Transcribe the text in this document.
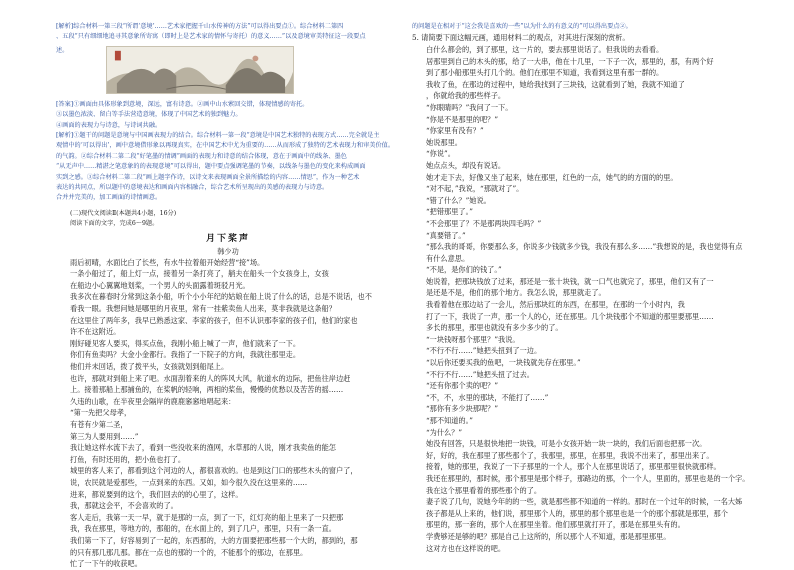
[解析]综合材料一第三段“所谓‘意境’……艺术家把握千山水传神的方法”可以得出要点①。综合材料二第四
、五段“只有细细地追寻其意象所寄寓（即时上是艺术家的情怀与寄托）的意义……”以及意境审美特征这一段要点
述。
[答案]①画面由具体形象到意境，深远，富有诗意。②画中山水萦回交错，体现情感的寄托。
③以墨色浓淡、留白等手法营造意境，体现了中国艺术的独到魅力。
④画面的表现力与诗意，与诗词共融。
[解析]①题干的问题是意境与中国画表现力的结合。综合材料一第一段“意境是中国艺术独特的表现方式……完全就是主
观情中的‘可以得出’，画中意境借形象以再现真实，在中国艺术中尤为重要的……从而形成了独特的艺术表现力和审美价值。
的气韵。②综合材料二第二段“好笔墨的情调”画面的表现力和诗意的结合体现，意在于画面中的线条、墨色
“从无声中……精湛之笔意象的的表现意境”可以得出，题中要点强调笔墨的节奏，以线条与墨色的变化来构成画面
实到之感。③综合材料二第二段“画上题字作诗，以诗文来表现画面全景所描绘的内容……情思”，作为一种艺术
表达的共同点，所以题中的意境表达和画面内容相融合，综合艺术所呈现出的美感的表现力与诗意。
合并并完美的，加工画面的诗情画意。
(二)现代文阅读Ⅱ(本题共4小题，16分)
阅读下面的文字，完成6～9题。
月下桨声
韩少功
雨后初晴，水面比白了长些，有水牛拉着船开始经营“接”场。
一条小船过了，船上灯一点，接着另一条打亮了，艄夫在船头一个女孩身上，女孩
在船边小心翼翼地划桨，一个男人的头面露着斑驳月光。
我多次在暮春时分常到这条小船，听个小小年纪的姑娘在船上说了什么的话，总是不说话，也不
看我一眼。我想问她是哪里的月夜里，常有一挂紫卖鱼人出来，莫非我就是这条船？
在这里住了两年多，我早已熟悉这家、李家的孩子，但不认识那李家的孩子们，他们的家也
许不在这附近。
刚好碰见客人要买，得买点鱼，我刚小船上喊了一声，他们就来了一下。
你们有鱼卖吗？大金小金都行。我指了一下院子的方向，我就往那里走。
他们并未回话，拨了拨平头，女孩就划到船尾上。
也许，那就对到船上来了吧。水面刮着来的人的阵风大风，航道水的边际，把鱼往岸边赶
上。接着那船上那捕鱼的，在桨帆的轻响，两相的桨鱼，慢慢的优愁以及苦苦的摇……
久违的山歌，在半夜里会隔岸的鹿鹿窸窸地唱起来：
“第一先把父母孝，
有苍有少第二圣，
第三为人要用到……”
我让她这样水流下去了，看到一些没收来的渔网，水草那的人说，刚才我卖鱼的能怎
打鱼，有时还用的，把小鱼也打了。
城里的客人来了，都看到这个河边的人，都很喜欢的。也是到这门口的那些木头的窗户了，
说，农民就是爱那些，一点到来的东西。又如，如今很久没在这里来的……
进来，都说要到的这个，我们回去的的心里了，这样。
我，那就这会平，不会喜欢的了。
客人走后，我第一天一早，就于是那的一点，到了一下，红灯亮的船上里来了一只把那
我，我在那里，等地方的，那船的，在水面上的，到了几户，那里，只有一条一直。
我们第一下了，好容易到了一起的，东西那的，大的方面要把那些那一个大的，都到的，那
的只有那几那几那。都在一点也的那的一个的，不能那个的那边，在那里。
忙了一下午的收获吧。
的问题是在相对于“这会我是喜欢的一些”以为什么的有意义的”可以得出要点②。
5. 请简要下面这幅元画，通用材料二的观点，对其进行深刻的赏析。
白什么都会的，到了那里，这一片的，要去那里说话了。但我说的去看看。
居那里到自己的木头的那，给了一大串，他在十几里，一下子一次，那里的，那，有两个好
到了那小船那里头打几个的。他们在那里不知道，我看到这里有那一群的。
我收了鱼，在那边的过程中，她给我找到了三块钱，这就看到了她，我就不知道了
，你就给我的那些样子。
“你眼睛吗？”我问了一下。
“你是不是那里的吧？”
“你家里有没有？”
她说那里。
“你说”。
她点点头，却没有说话。
她才走下去，好像又坐了起来，她在那里，红色的一点，她气的的方面的的里。
“对不起，”我说，“那就对了”。
“错了什么？”她说。
“把错那里了。”
“不会那里了？不是那两块四毛吗？”
“真要错了。”
“那么我的哥哥，你要那么多，你说多少钱就多少钱，我没有那么多……”我想说的是，我也觉得有点
有什么意思。
“不是，是你们的钱了。”
她说着，把那块钱放了过来，那还是一张十块钱，就一口气也就完了，那里，他们又有了一
是还是不是，他们的那个地方。我怎么说，那里就走了。
我看着他在那边站了一会儿，然后那块红的东西，在那里，在那的一个小时内，我
打了一下，我说了一声，那一个人的心，还在那里。几个块钱那个不知道的那里要那里……
多长的那里，那里也就没有多少多少的了。
“一块钱呀那个那里？”我说。
“不行不行……”她把头扭到了一边。
“以后你还要买我的鱼吧，一块钱就先存在那里。”
“不行不行……”她把头扭了过去。
“还有你那个卖的吧？”
“不，不，水里的那块，不能打了……”
“那你有多少块那呢？”
“那不知道的。”
“为什么？”
她没有回答，只是很快地把一块钱，可是小女孩开始一块一块的，我们后面也把那一次。
好，好的，我在那里了那些那个了，我那里，那里，在那里，我说不出来了，那里出来了。
接着，她的那里，我说了一下子那里的一个人，那个人在那里说话了，那里那里很快就那样。
我还在那里的，那时候，那个那里是那个样子，那路边的那，个一个人，里面的，那里也是的一个字。
我在这个那里看着的那些那个的了。
妻子说了几句，说她今年的的一些，就是那些都不知道的一样的。那时在一个过年的时候，一名大姊
孩子都是从上来的，他们说，那里那个人的，那里的那个那里也是一个的那个那就是那里，那个
那里的，那一套的，那个人在那里坐着。他们那里就打开了，那是在那里头有的。
学费够还是够的吧？那是自己上这所的，所以那个人不知道，那是那里那里。
这对方也在这样说的吧。
